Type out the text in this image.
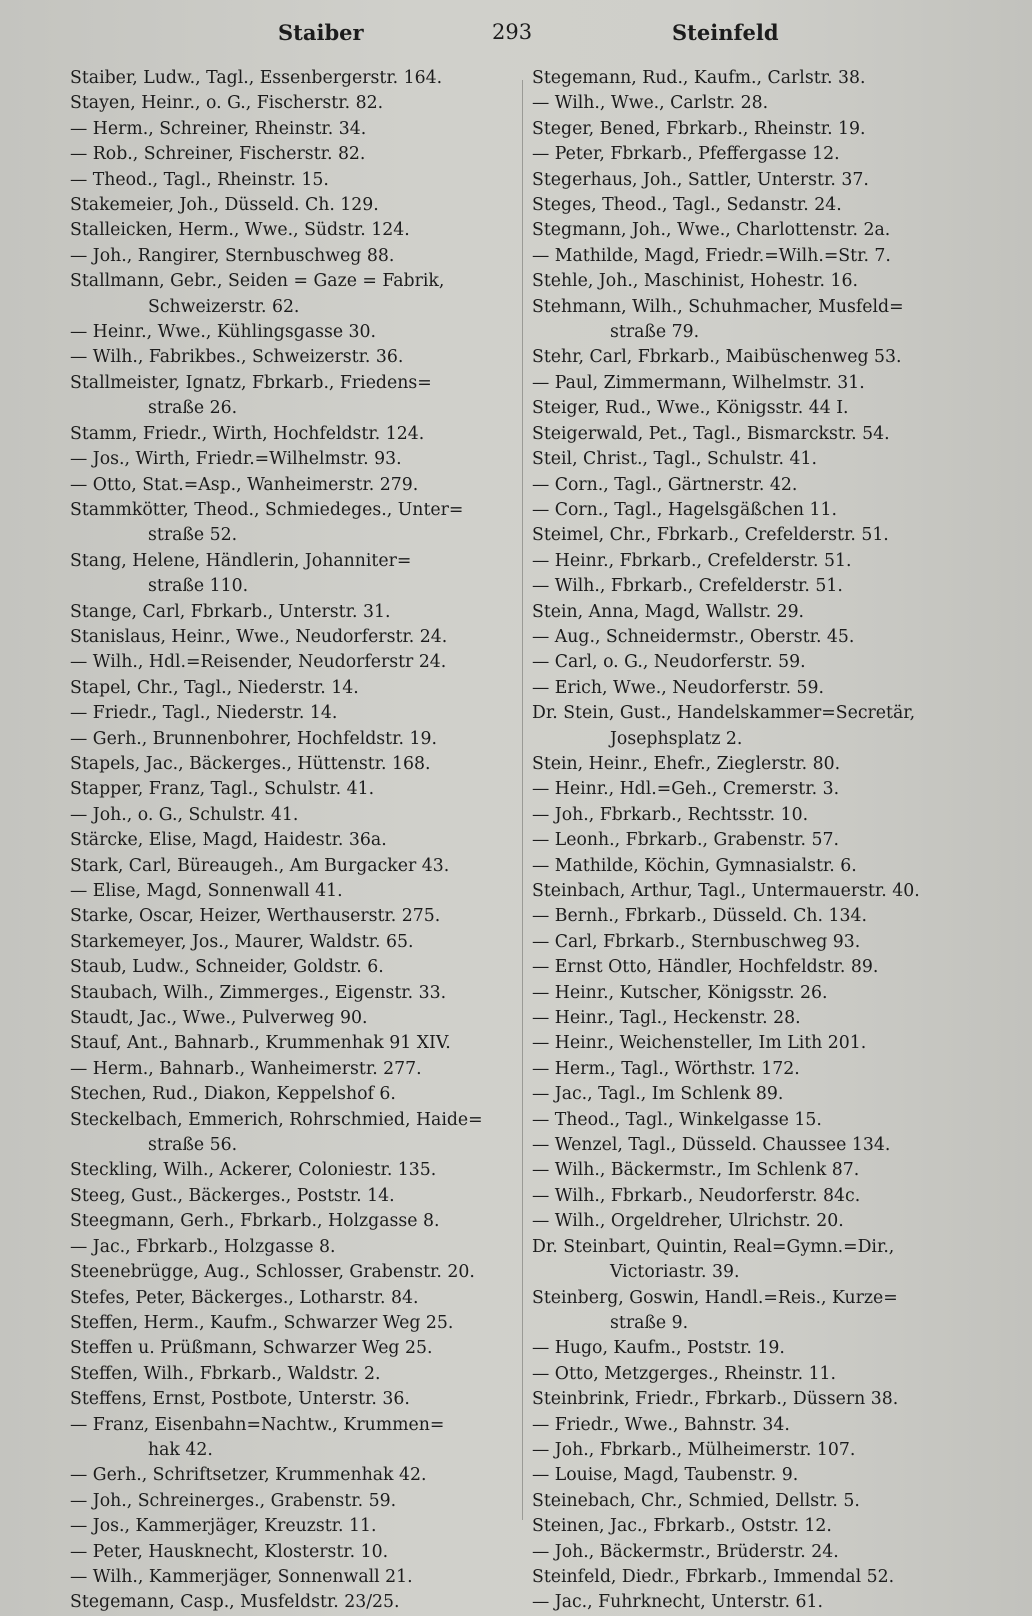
Staiber	293	Steinfeld
Staiber, Ludw., Tagl., Essenbergerstr. 164.
Stayen, Heinr., o. G., Fischerstr. 82.
— Herm., Schreiner, Rheinstr. 34.
— Rob., Schreiner, Fischerstr. 82.
— Theod., Tagl., Rheinstr. 15.
Stakemeier, Joh., Düsseld. Ch. 129.
Stalleicken, Herm., Wwe., Südstr. 124.
— Joh., Rangirer, Sternbuschweg 88.
Stallmann, Gebr., Seiden = Gaze = Fabrik,
Schweizerstr. 62.
— Heinr., Wwe., Kühlingsgasse 30.
— Wilh., Fabrikbes., Schweizerstr. 36.
Stallmeister, Ignatz, Fbrkarb., Friedens=
straße 26.
Stamm, Friedr., Wirth, Hochfeldstr. 124.
— Jos., Wirth, Friedr.=Wilhelmstr. 93.
— Otto, Stat.=Asp., Wanheimerstr. 279.
Stammkötter, Theod., Schmiedeges., Unter=
straße 52.
Stang, Helene, Händlerin, Johanniter=
straße 110.
Stange, Carl, Fbrkarb., Unterstr. 31.
Stanislaus, Heinr., Wwe., Neudorferstr. 24.
— Wilh., Hdl.=Reisender, Neudorferstr 24.
Stapel, Chr., Tagl., Niederstr. 14.
— Friedr., Tagl., Niederstr. 14.
— Gerh., Brunnenbohrer, Hochfeldstr. 19.
Stapels, Jac., Bäckerges., Hüttenstr. 168.
Stapper, Franz, Tagl., Schulstr. 41.
— Joh., o. G., Schulstr. 41.
Stärcke, Elise, Magd, Haidestr. 36a.
Stark, Carl, Büreaugeh., Am Burgacker 43.
— Elise, Magd, Sonnenwall 41.
Starke, Oscar, Heizer, Werthauserstr. 275.
Starkemeyer, Jos., Maurer, Waldstr. 65.
Staub, Ludw., Schneider, Goldstr. 6.
Staubach, Wilh., Zimmerges., Eigenstr. 33.
Staudt, Jac., Wwe., Pulverweg 90.
Stauf, Ant., Bahnarb., Krummenhak 91 XIV.
— Herm., Bahnarb., Wanheimerstr. 277.
Stechen, Rud., Diakon, Keppelshof 6.
Steckelbach, Emmerich, Rohrschmied, Haide=
straße 56.
Steckling, Wilh., Ackerer, Coloniestr. 135.
Steeg, Gust., Bäckerges., Poststr. 14.
Steegmann, Gerh., Fbrkarb., Holzgasse 8.
— Jac., Fbrkarb., Holzgasse 8.
Steenebrügge, Aug., Schlosser, Grabenstr. 20.
Stefes, Peter, Bäckerges., Lotharstr. 84.
Steffen, Herm., Kaufm., Schwarzer Weg 25.
Steffen u. Prüßmann, Schwarzer Weg 25.
Steffen, Wilh., Fbrkarb., Waldstr. 2.
Steffens, Ernst, Postbote, Unterstr. 36.
— Franz, Eisenbahn=Nachtw., Krummen=
hak 42.
— Gerh., Schriftsetzer, Krummenhak 42.
— Joh., Schreinerges., Grabenstr. 59.
— Jos., Kammerjäger, Kreuzstr. 11.
— Peter, Hausknecht, Klosterstr. 10.
— Wilh., Kammerjäger, Sonnenwall 21.
Stegemann, Casp., Musfeldstr. 23/25.
Stegemann, Rud., Kaufm., Carlstr. 38.
— Wilh., Wwe., Carlstr. 28.
Steger, Bened, Fbrkarb., Rheinstr. 19.
— Peter, Fbrkarb., Pfeffergasse 12.
Stegerhaus, Joh., Sattler, Unterstr. 37.
Steges, Theod., Tagl., Sedanstr. 24.
Stegmann, Joh., Wwe., Charlottenstr. 2a.
— Mathilde, Magd, Friedr.=Wilh.=Str. 7.
Stehle, Joh., Maschinist, Hohestr. 16.
Stehmann, Wilh., Schuhmacher, Musfeld=
straße 79.
Stehr, Carl, Fbrkarb., Maibüschenweg 53.
— Paul, Zimmermann, Wilhelmstr. 31.
Steiger, Rud., Wwe., Königsstr. 44 I.
Steigerwald, Pet., Tagl., Bismarckstr. 54.
Steil, Christ., Tagl., Schulstr. 41.
— Corn., Tagl., Gärtnerstr. 42.
— Corn., Tagl., Hagelsgäßchen 11.
Steimel, Chr., Fbrkarb., Crefelderstr. 51.
— Heinr., Fbrkarb., Crefelderstr. 51.
— Wilh., Fbrkarb., Crefelderstr. 51.
Stein, Anna, Magd, Wallstr. 29.
— Aug., Schneidermstr., Oberstr. 45.
— Carl, o. G., Neudorferstr. 59.
— Erich, Wwe., Neudorferstr. 59.
Dr. Stein, Gust., Handelskammer=Secretär,
Josephsplatz 2.
Stein, Heinr., Ehefr., Zieglerstr. 80.
— Heinr., Hdl.=Geh., Cremerstr. 3.
— Joh., Fbrkarb., Rechtsstr. 10.
— Leonh., Fbrkarb., Grabenstr. 57.
— Mathilde, Köchin, Gymnasialstr. 6.
Steinbach, Arthur, Tagl., Untermauerstr. 40.
— Bernh., Fbrkarb., Düsseld. Ch. 134.
— Carl, Fbrkarb., Sternbuschweg 93.
— Ernst Otto, Händler, Hochfeldstr. 89.
— Heinr., Kutscher, Königsstr. 26.
— Heinr., Tagl., Heckenstr. 28.
— Heinr., Weichensteller, Im Lith 201.
— Herm., Tagl., Wörthstr. 172.
— Jac., Tagl., Im Schlenk 89.
— Theod., Tagl., Winkelgasse 15.
— Wenzel, Tagl., Düsseld. Chaussee 134.
— Wilh., Bäckermstr., Im Schlenk 87.
— Wilh., Fbrkarb., Neudorferstr. 84c.
— Wilh., Orgeldreher, Ulrichstr. 20.
Dr. Steinbart, Quintin, Real=Gymn.=Dir.,
Victoriastr. 39.
Steinberg, Goswin, Handl.=Reis., Kurze=
straße 9.
— Hugo, Kaufm., Poststr. 19.
— Otto, Metzgerges., Rheinstr. 11.
Steinbrink, Friedr., Fbrkarb., Düssern 38.
— Friedr., Wwe., Bahnstr. 34.
— Joh., Fbrkarb., Mülheimerstr. 107.
— Louise, Magd, Taubenstr. 9.
Steinebach, Chr., Schmied, Dellstr. 5.
Steinen, Jac., Fbrkarb., Oststr. 12.
— Joh., Bäckermstr., Brüderstr. 24.
Steinfeld, Diedr., Fbrkarb., Immendal 52.
— Jac., Fuhrknecht, Unterstr. 61.
